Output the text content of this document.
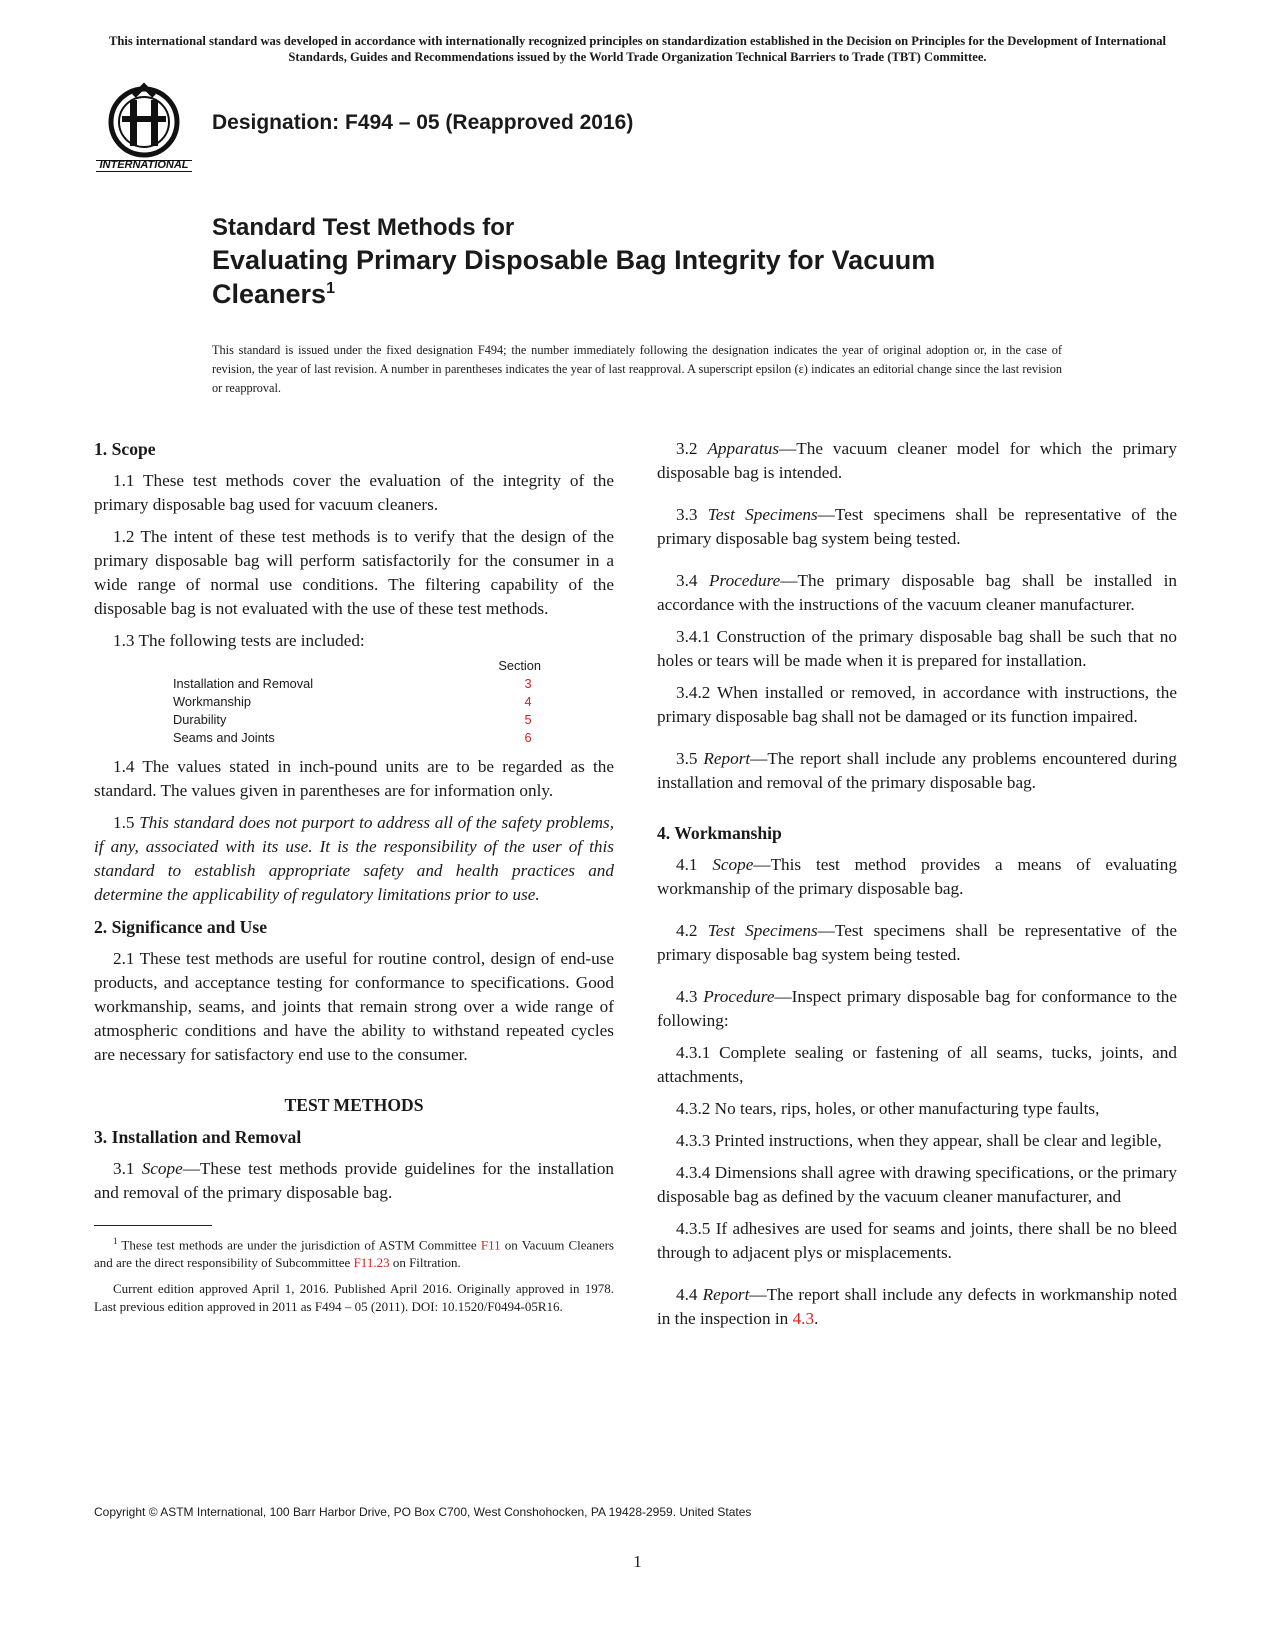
This international standard was developed in accordance with internationally recognized principles on standardization established in the Decision on Principles for the Development of International Standards, Guides and Recommendations issued by the World Trade Organization Technical Barriers to Trade (TBT) Committee.
INTERNATIONAL
Designation: F494 – 05 (Reapproved 2016)
Standard Test Methods for
Evaluating Primary Disposable Bag Integrity for Vacuum Cleaners$^1$
This standard is issued under the fixed designation F494; the number immediately following the designation indicates the year of original adoption or, in the case of revision, the year of last revision. A number in parentheses indicates the year of last reapproval. A superscript epsilon (ε) indicates an editorial change since the last revision or reapproval.
1. Scope

1.1 These test methods cover the evaluation of the integrity of the primary disposable bag used for vacuum cleaners.

1.2 The intent of these test methods is to verify that the design of the primary disposable bag will perform satisfactorily for the consumer in a wide range of normal use conditions. The filtering capability of the disposable bag is not evaluated with the use of these test methods.

1.3 The following tests are included:

Section
Installation and Removal	3
Workmanship	4
Durability	5
Seams and Joints	6

1.4 The values stated in inch-pound units are to be regarded as the standard. The values given in parentheses are for information only.

1.5 This standard does not purport to address all of the safety problems, if any, associated with its use. It is the responsibility of the user of this standard to establish appropriate safety and health practices and determine the applicability of regulatory limitations prior to use.

2. Significance and Use

2.1 These test methods are useful for routine control, design of end-use products, and acceptance testing for conformance to specifications. Good workmanship, seams, and joints that remain strong over a wide range of atmospheric conditions and have the ability to withstand repeated cycles are necessary for satisfactory end use to the consumer.

TEST METHODS
3. Installation and Removal

3.1 Scope—These test methods provide guidelines for the installation and removal of the primary disposable bag.

$^1$ These test methods are under the jurisdiction of ASTM Committee F11 on Vacuum Cleaners and are the direct responsibility of Subcommittee F11.23 on Filtration.

Current edition approved April 1, 2016. Published April 2016. Originally approved in 1978. Last previous edition approved in 2011 as F494 – 05 (2011). DOI: 10.1520/F0494-05R16.

3.2 Apparatus—The vacuum cleaner model for which the primary disposable bag is intended.

3.3 Test Specimens—Test specimens shall be representative of the primary disposable bag system being tested.

3.4 Procedure—The primary disposable bag shall be installed in accordance with the instructions of the vacuum cleaner manufacturer.

3.4.1 Construction of the primary disposable bag shall be such that no holes or tears will be made when it is prepared for installation.

3.4.2 When installed or removed, in accordance with instructions, the primary disposable bag shall not be damaged or its function impaired.

3.5 Report—The report shall include any problems encountered during installation and removal of the primary disposable bag.

4. Workmanship

4.1 Scope—This test method provides a means of evaluating workmanship of the primary disposable bag.

4.2 Test Specimens—Test specimens shall be representative of the primary disposable bag system being tested.

4.3 Procedure—Inspect primary disposable bag for conformance to the following:

4.3.1 Complete sealing or fastening of all seams, tucks, joints, and attachments,

4.3.2 No tears, rips, holes, or other manufacturing type faults,

4.3.3 Printed instructions, when they appear, shall be clear and legible,

4.3.4 Dimensions shall agree with drawing specifications, or the primary disposable bag as defined by the vacuum cleaner manufacturer, and

4.3.5 If adhesives are used for seams and joints, there shall be no bleed through to adjacent plys or misplacements.

4.4 Report—The report shall include any defects in workmanship noted in the inspection in 4.3.

Copyright © ASTM International, 100 Barr Harbor Drive, PO Box C700, West Conshohocken, PA 19428-2959. United States
1
